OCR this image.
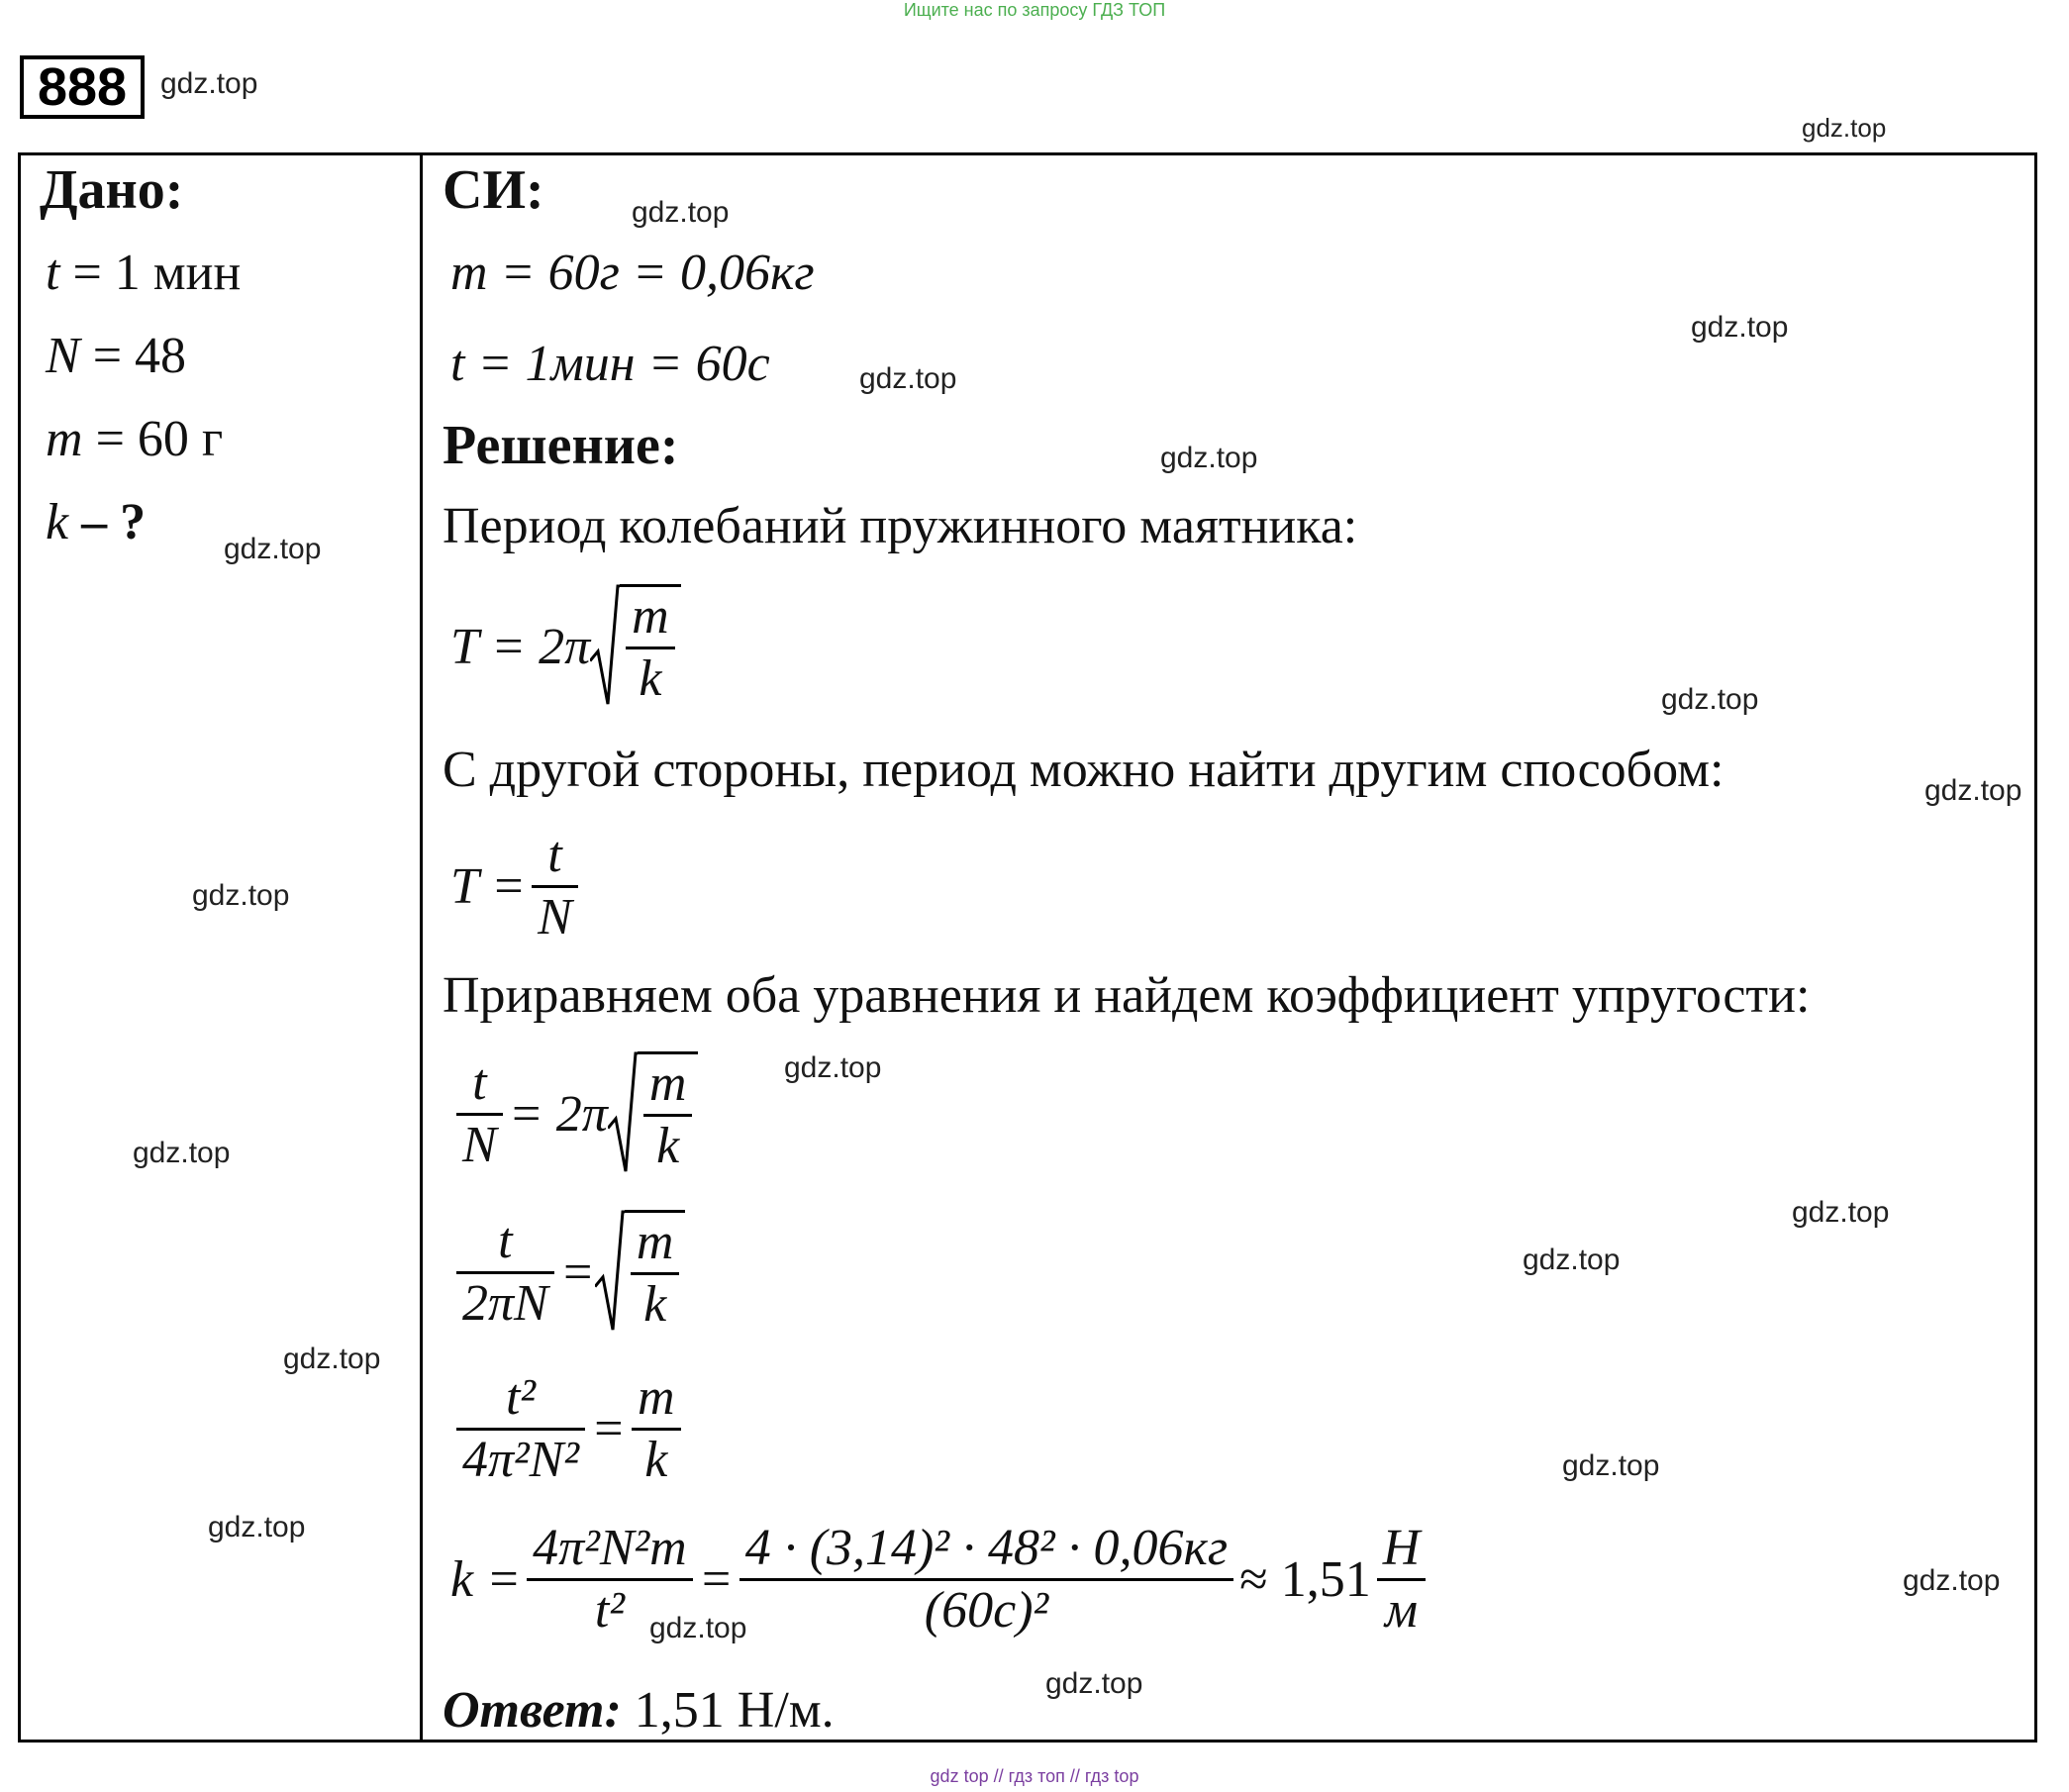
Ищите нас по запросу ГДЗ ТОП
888	gdz.top
gdz.top
Дано:
t = 1 мин
N = 48
m = 60 г
k – ?
СИ:
m = 60г = 0,06кг
t = 1мин = 60с
Решение:
Период колебаний пружинного маятника:
$T = 2\pi \frac{m}{k}$
С другой стороны, период можно найти другим способом:
$T = \frac{t}{N}$
Приравняем оба уравнения и найдем коэффициент упругости:
$\frac{t}{N} = 2\pi \frac{m}{k}$
$\frac{t}{2\pi N} = \frac{m}{k}$
$\frac{\text{t²}}{\text{4π²N²}} = \frac{m}{k}$
$k = \frac{\text{4π²N²m}}{\text{t²}} = \frac{\text{4 · (3,14)² · 48² · 0,06кг}}{\text{(60с)²}} \approx 1,51 \frac{Н}{м}$
Ответ: 1,51 Н/м.
gdz.top
gdz.top
gdz.top
gdz.top
gdz.top
gdz.top
gdz.top
gdz.top
gdz.top
gdz.top
gdz.top
gdz.top
gdz.top
gdz.top
gdz.top
gdz.top
gdz.top
gdz.top
gdz top // гдз топ // гдз top
